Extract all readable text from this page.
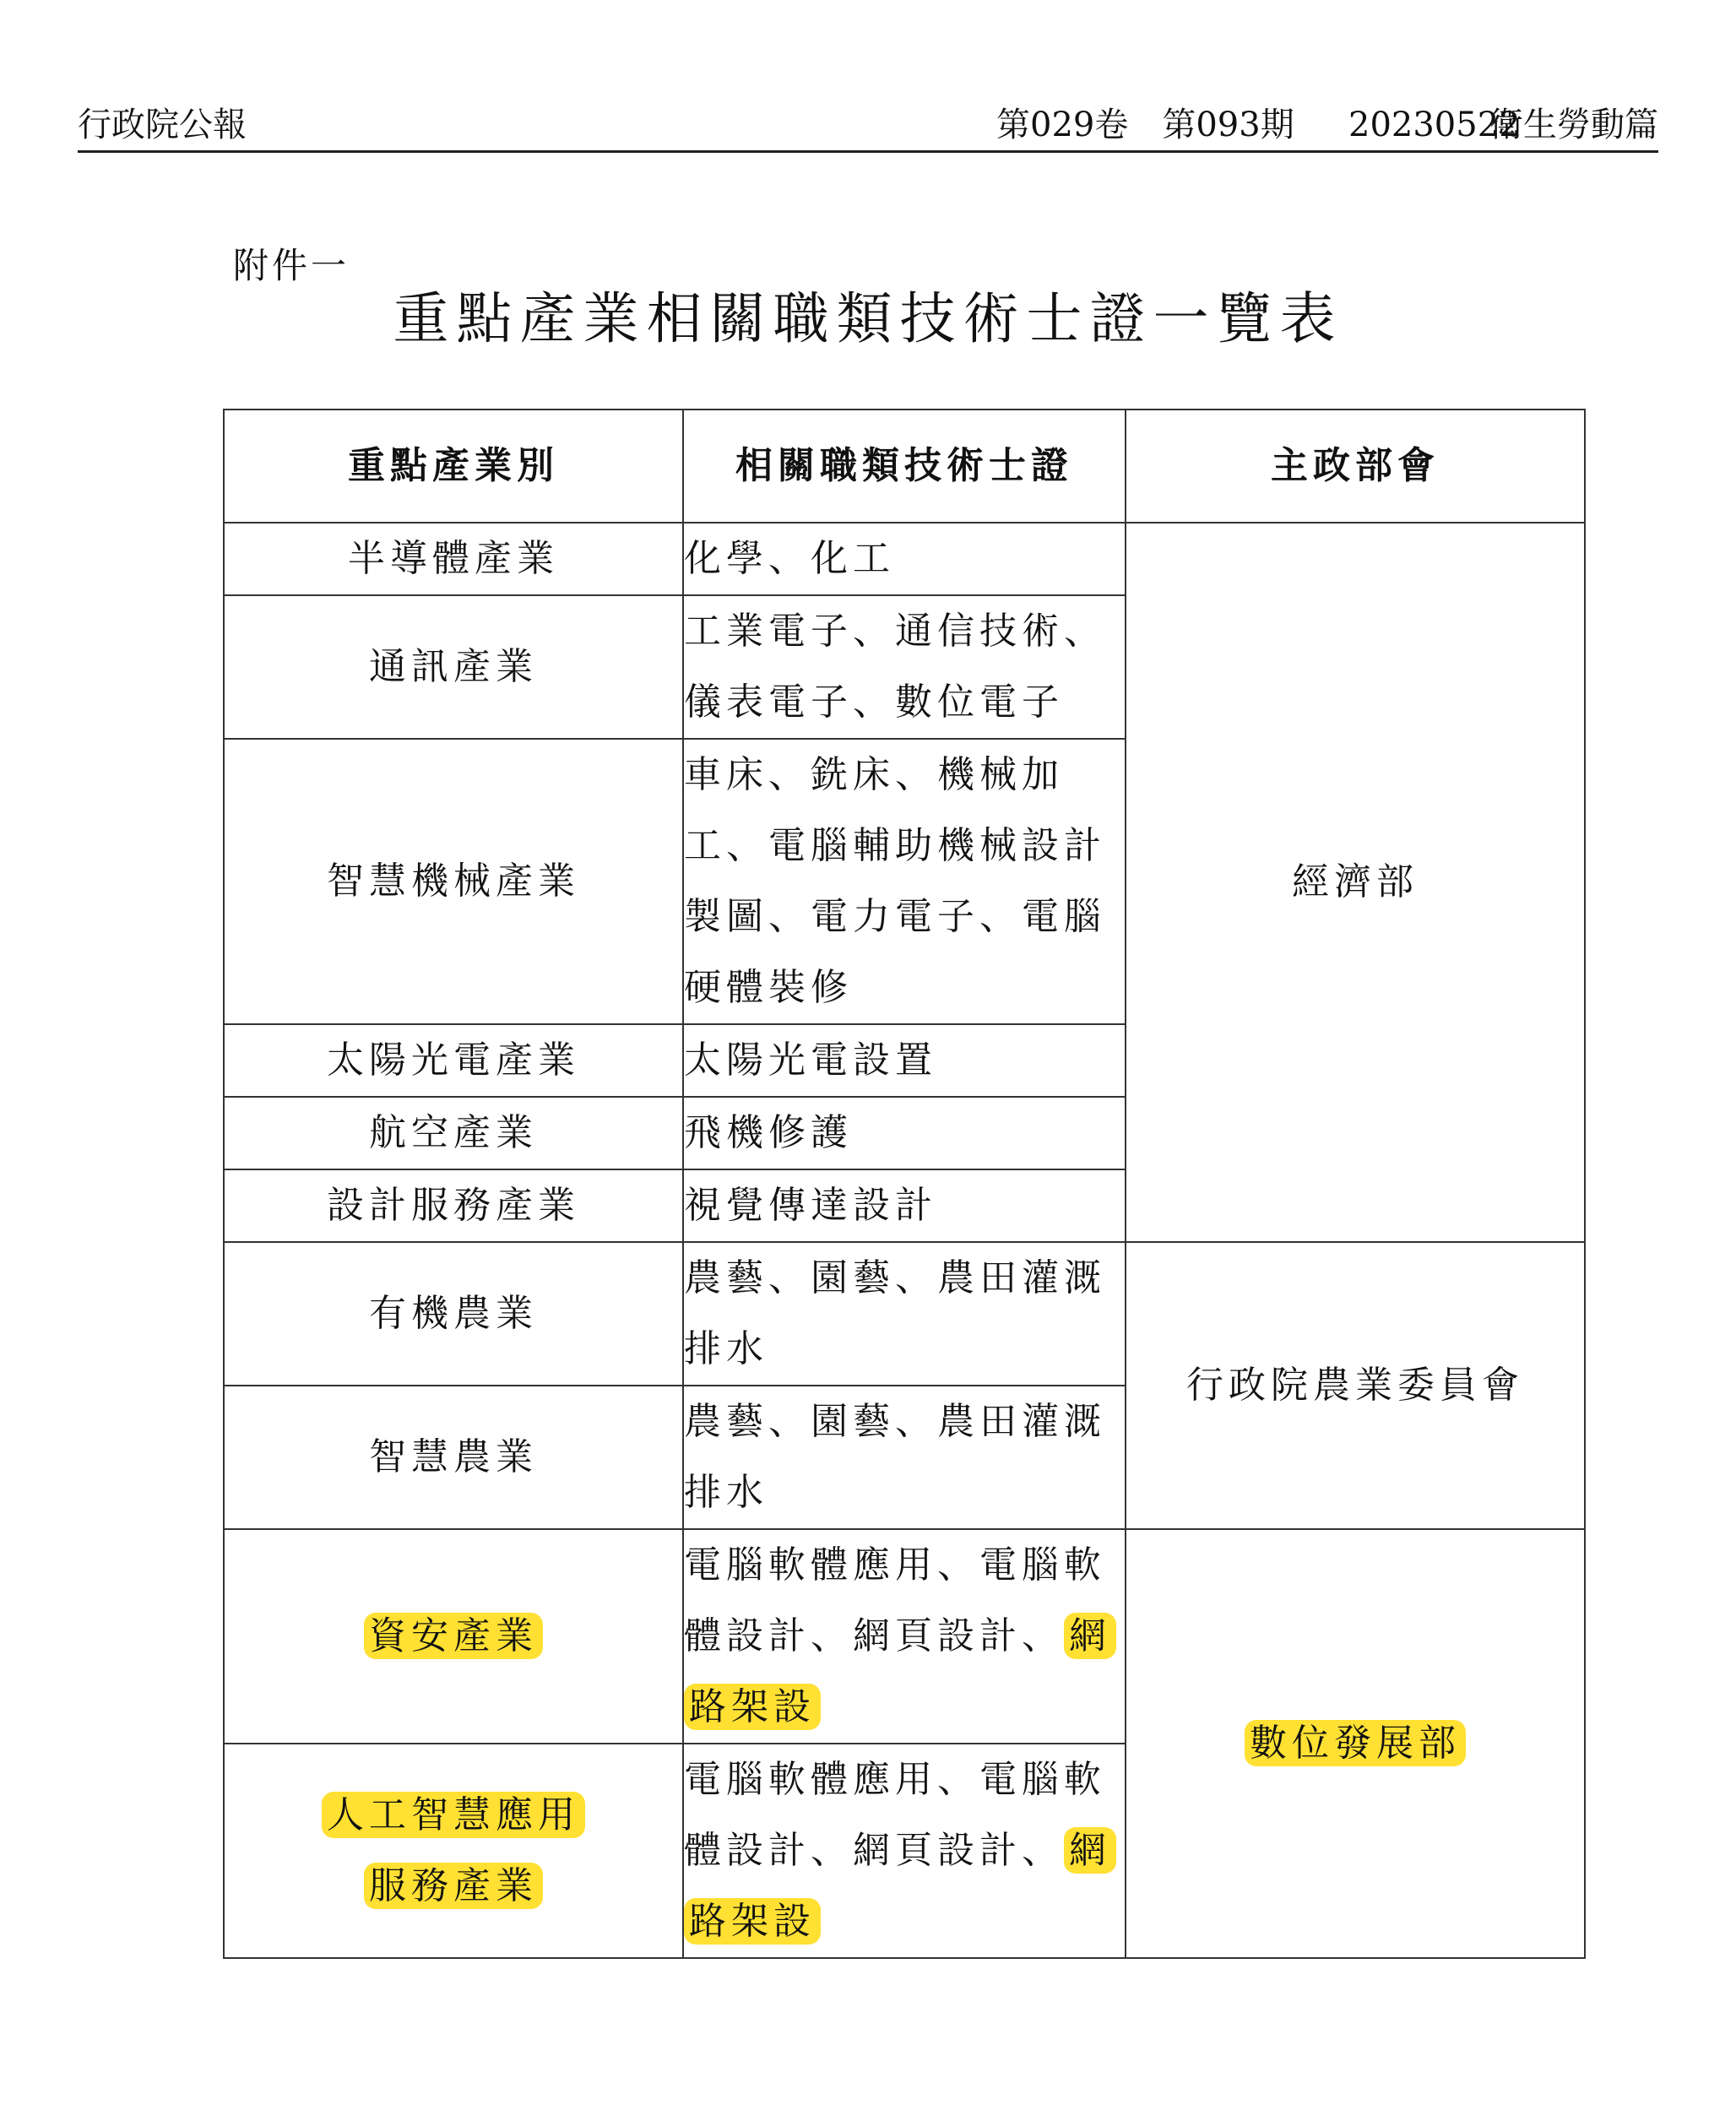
行政院公報	第029卷　第093期 20230522
衛生勞動篇
附件一
重點產業相關職類技術士證一覽表
重點產業別	相關職類技術士證	主政部會
半導體產業	化學、化工	經濟部
通訊產業	工業電子、通信技術、儀表電子、數位電子	
智慧機械產業	車床、銑床、機械加工、電腦輔助機械設計製圖、電力電子、電腦硬體裝修	
太陽光電產業	太陽光電設置	
航空產業	飛機修護	
設計服務產業	視覺傳達設計	
有機農業	農藝、園藝、農田灌溉排水	行政院農業委員會
智慧農業	農藝、園藝、農田灌溉排水	
資安產業	電腦軟體應用、電腦軟體設計、網頁設計、 網路架設	數位發展部
人工智慧應用服務產業	電腦軟體應用、電腦軟體設計、網頁設計、 網路架設	
